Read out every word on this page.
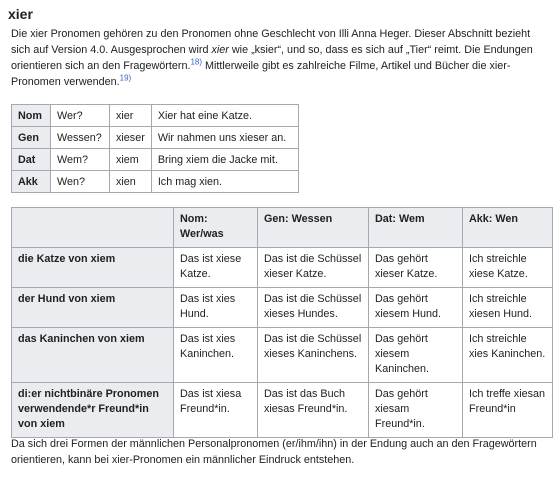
xier
Die xier Pronomen gehören zu den Pronomen ohne Geschlecht von Illi Anna Heger. Dieser Abschnitt bezieht sich auf Version 4.0. Ausgesprochen wird xier wie „ksier“, und so, dass es sich auf „Tier“ reimt. Die Endungen orientieren sich an den Fragewörtern.$^{18)}$ Mittlerweile gibt es zahlreiche Filme, Artikel und Bücher die xier-Pronomen verwenden.$^{19)}$
Nom	Wer?	xier	Xier hat eine Katze.
Gen	Wessen?	xieser	Wir nahmen uns xieser an.
Dat	Wem?	xiem	Bring xiem die Jacke mit.
Akk	Wen?	xien	Ich mag xien.
	Nom: Wer/was	Gen: Wessen	Dat: Wem	Akk: Wen
die Katze von xiem	Das ist xiese Katze.	Das ist die Schüssel xieser Katze.	Das gehört xieser Katze.	Ich streichle xiese Katze.
der Hund von xiem	Das ist xies Hund.	Das ist die Schüssel xieses Hundes.	Das gehört xiesem Hund.	Ich streichle xiesen Hund.
das Kaninchen von xiem	Das ist xies Kaninchen.	Das ist die Schüssel xieses Kaninchens.	Das gehört xiesem Kaninchen.	Ich streichle xies Kaninchen.
di:er nichtbinäre Pronomen verwendende*r Freund*in von xiem	Das ist xiesa Freund*in.	Das ist das Buch xiesas Freund*in.	Das gehört xiesam Freund*in.	Ich treffe xiesan Freund*in
Da sich drei Formen der männlichen Personalpronomen (er/ihm/ihn) in der Endung auch an den Fragewörtern orientieren, kann bei xier-Pronomen ein männlicher Eindruck entstehen.
